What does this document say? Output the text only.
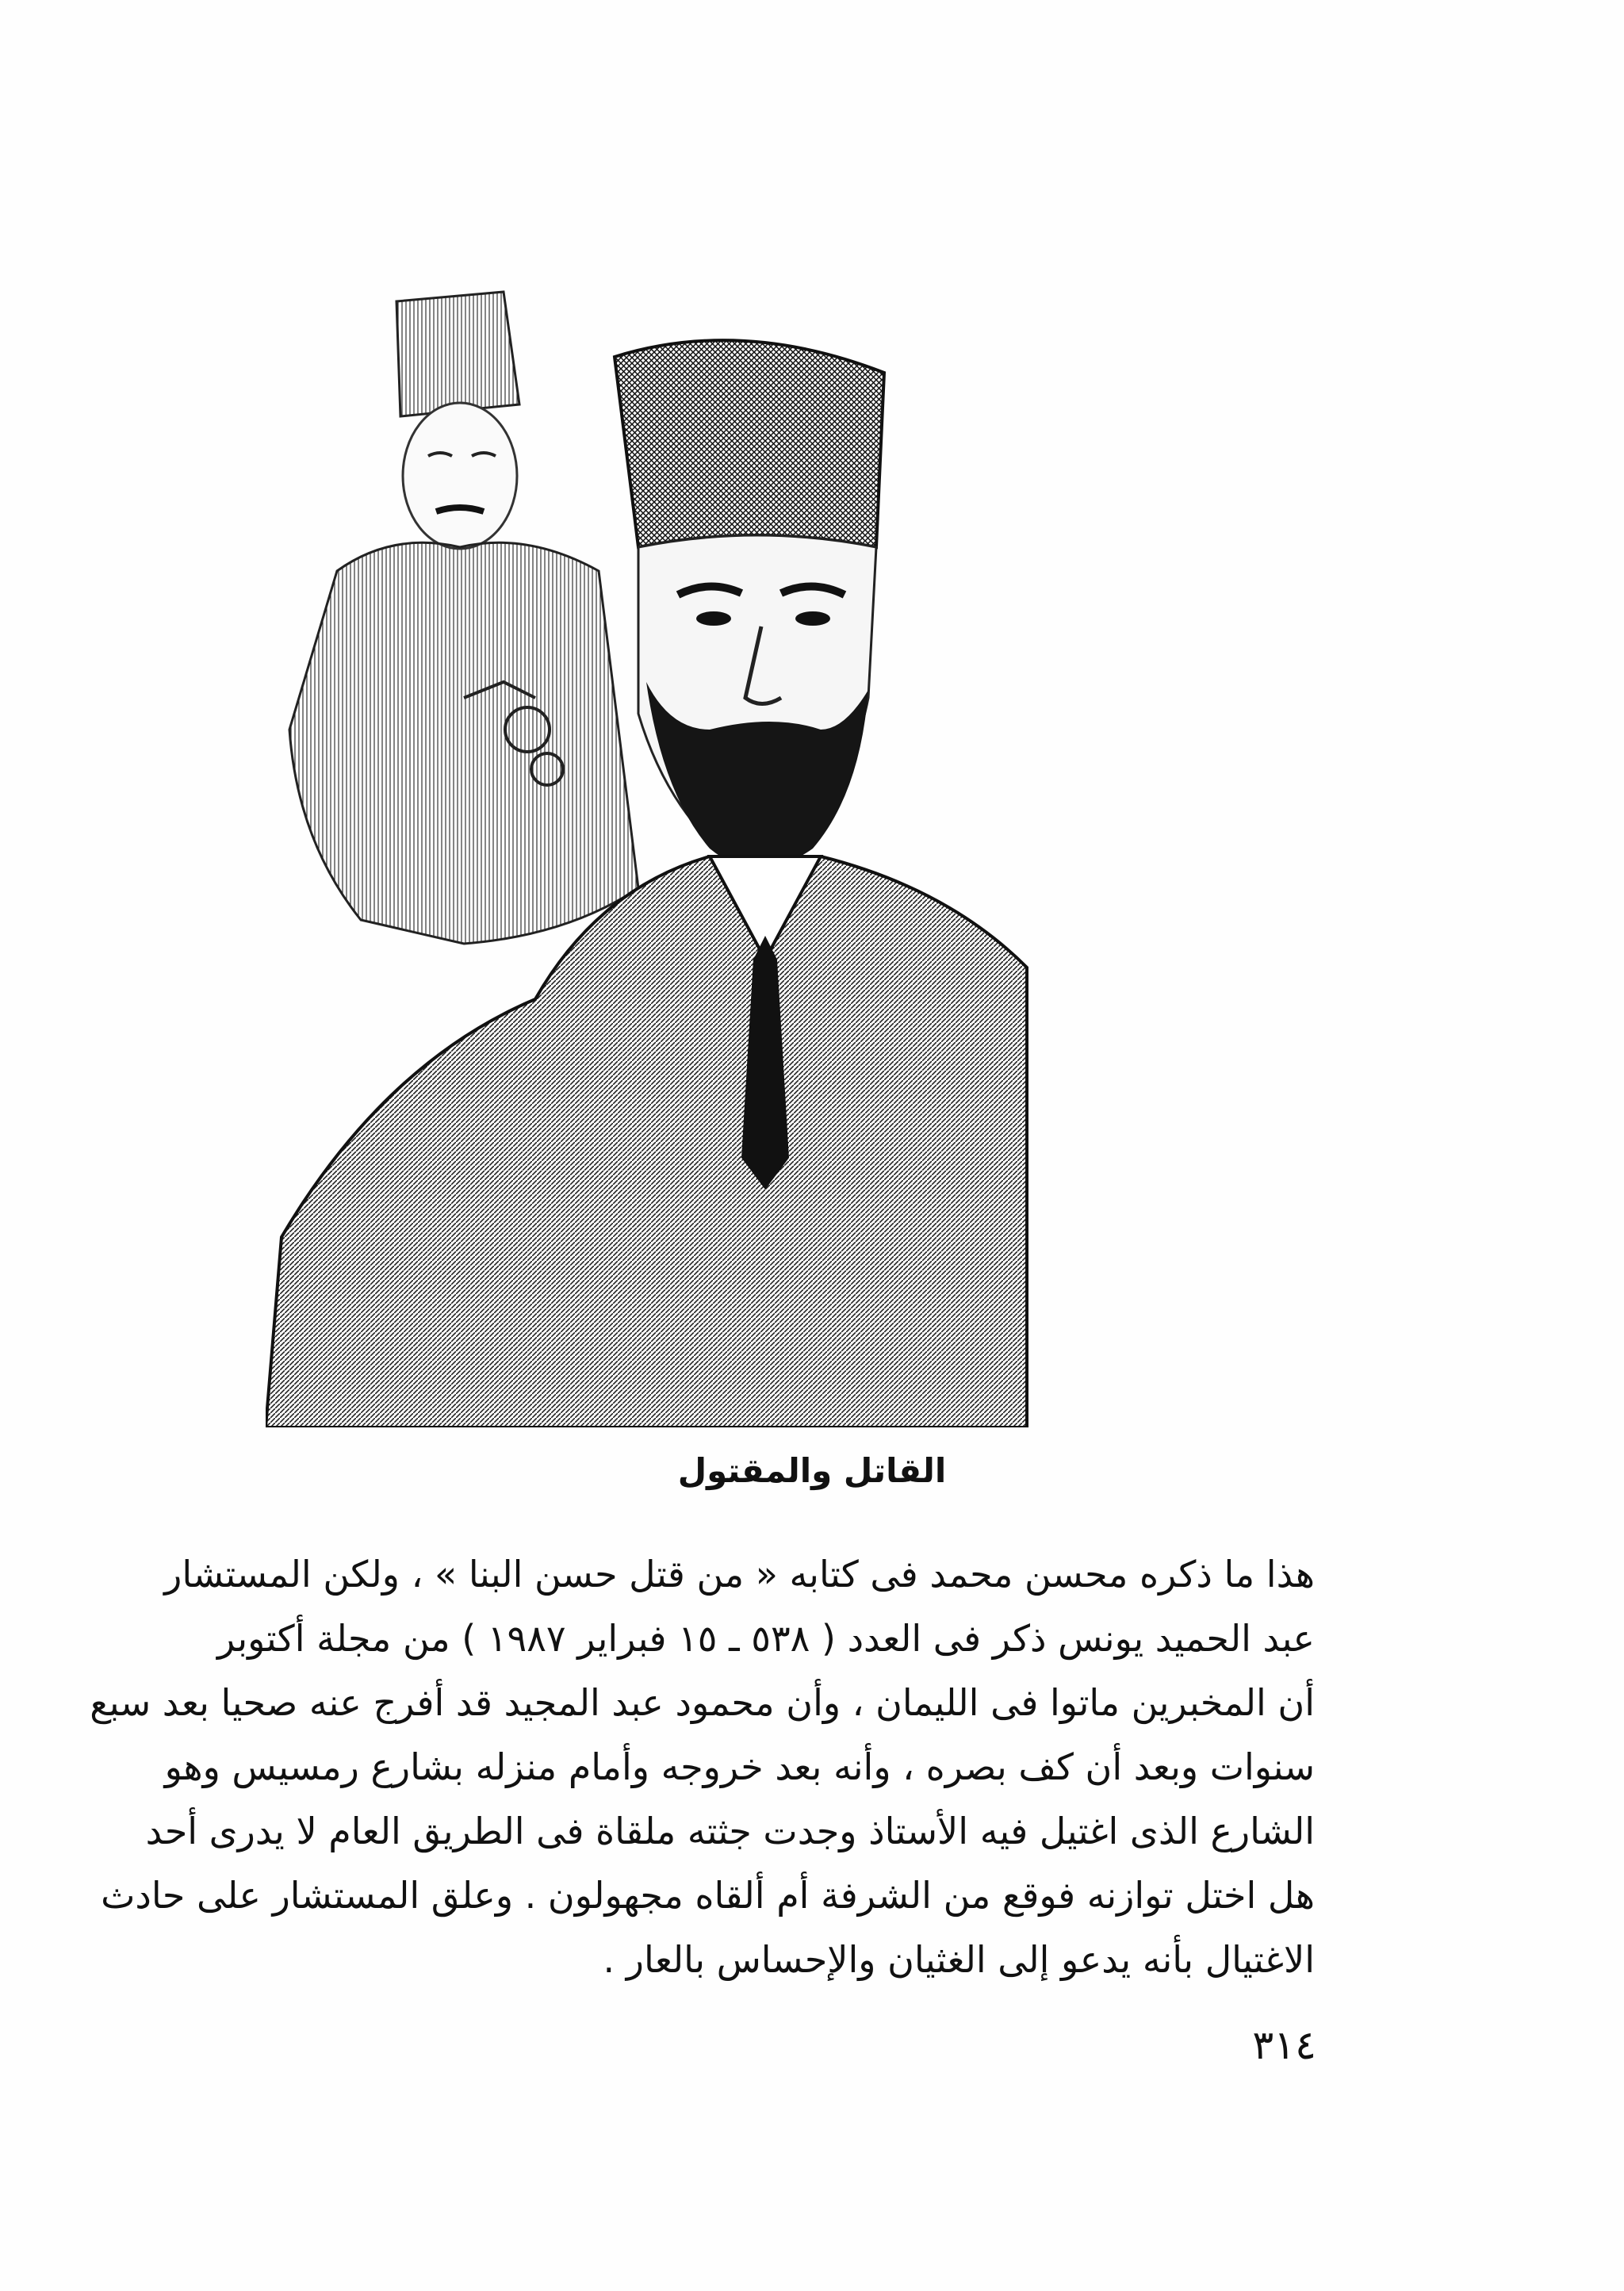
القاتل والمقتول
هذا ما ذكره محسن محمد فى كتابه « من قتل حسن البنا » ، ولكن المستشار
عبد الحميد يونس ذكر فى العدد ( ٥٣٨ ـ ١٥ فبراير ١٩٨٧ ) من مجلة أكتوبر
أن المخبرين ماتوا فى الليمان ، وأن محمود عبد المجيد قد أفرج عنه صحيا بعد سبع
سنوات وبعد أن كف بصره ، وأنه بعد خروجه وأمام منزله بشارع رمسيس وهو
الشارع الذى اغتيل فيه الأستاذ وجدت جثته ملقاة فى الطريق العام لا يدرى أحد
هل اختل توازنه فوقع من الشرفة أم ألقاه مجهولون . وعلق المستشار على حادث
الاغتيال بأنه يدعو إلى الغثيان والإحساس بالعار .
٣١٤
